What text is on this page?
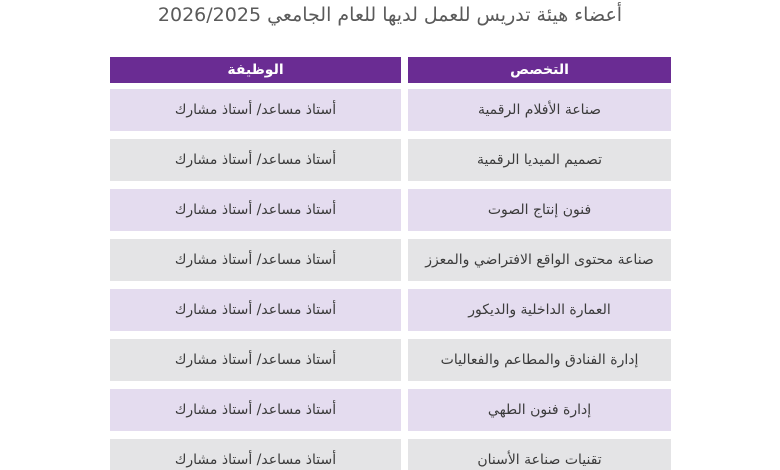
أعضاء هيئة تدريس للعمل لديها للعام الجامعي 2026/2025
التخصص
الوظيفة
صناعة الأفلام الرقمية
أستاذ مساعد/ أستاذ مشارك
تصميم الميديا الرقمية
أستاذ مساعد/ أستاذ مشارك
فنون إنتاج الصوت
أستاذ مساعد/ أستاذ مشارك
صناعة محتوى الواقع الافتراضي والمعزز
أستاذ مساعد/ أستاذ مشارك
العمارة الداخلية والديكور
أستاذ مساعد/ أستاذ مشارك
إدارة الفنادق والمطاعم والفعاليات
أستاذ مساعد/ أستاذ مشارك
إدارة فنون الطهي
أستاذ مساعد/ أستاذ مشارك
تقنيات صناعة الأسنان
أستاذ مساعد/ أستاذ مشارك
